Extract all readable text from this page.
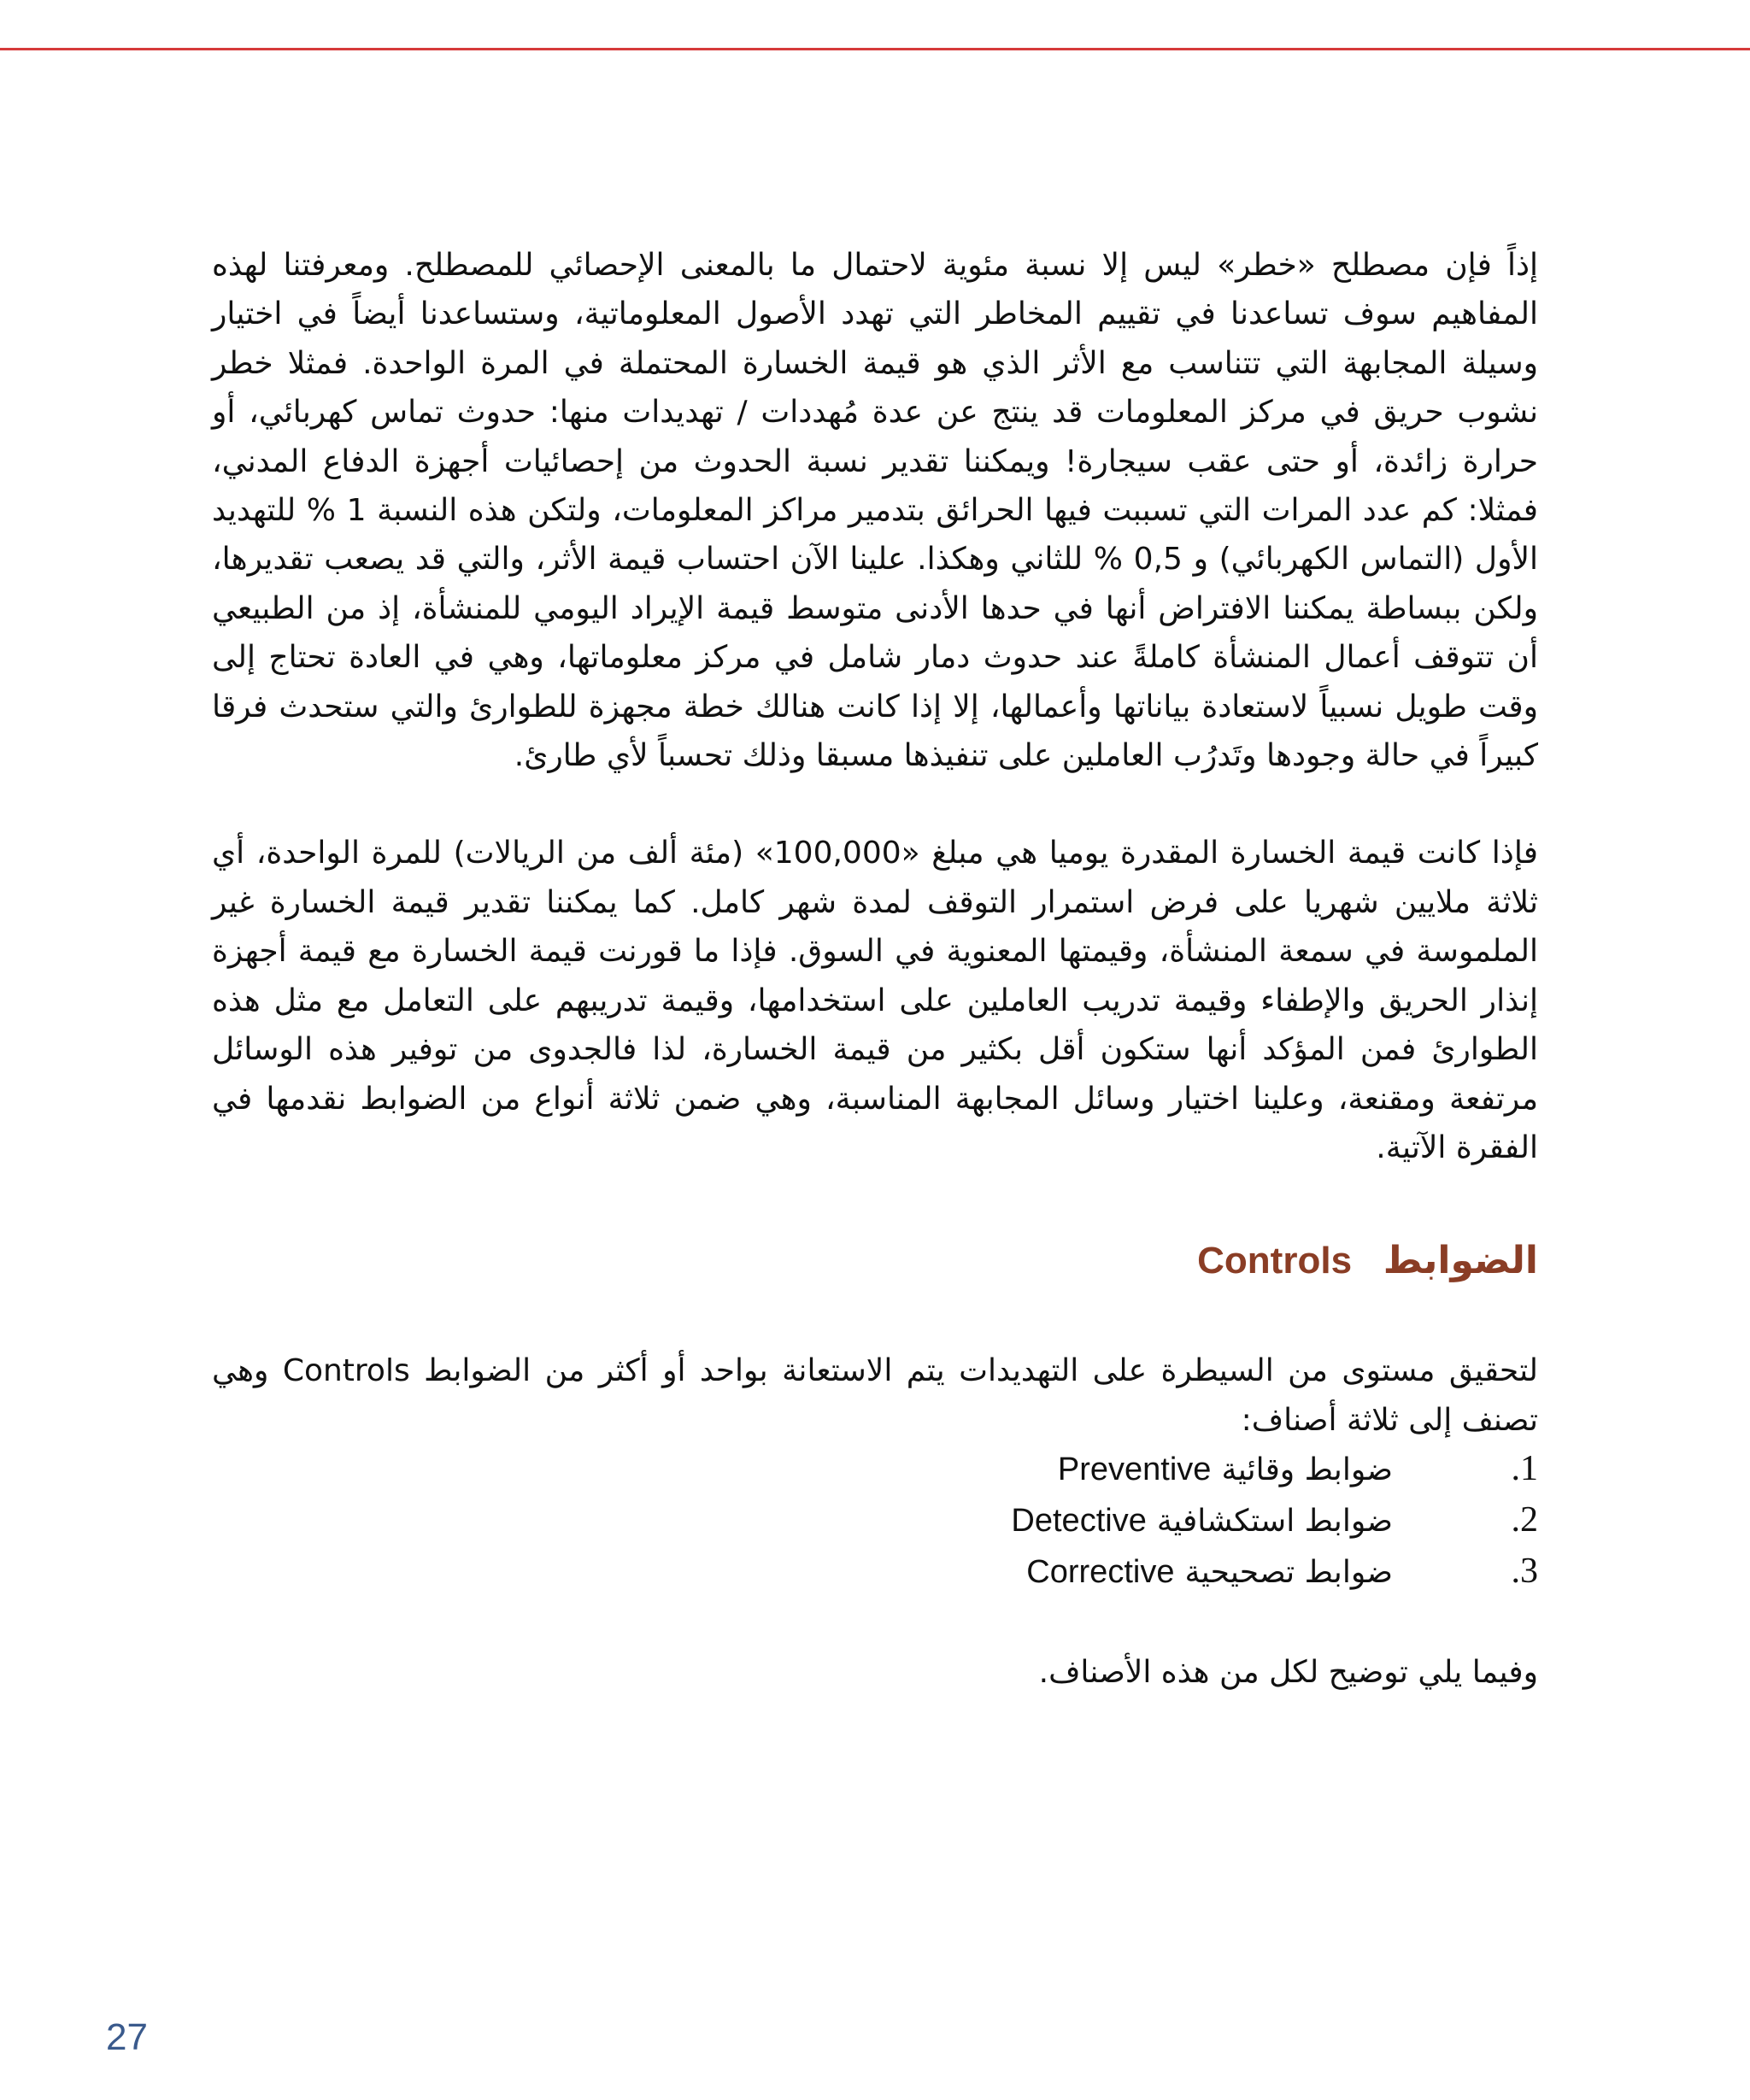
إذاً فإن مصطلح «خطر» ليس إلا نسبة مئوية لاحتمال ما بالمعنى الإحصائي للمصطلح. ومعرفتنا لهذه المفاهيم سوف تساعدنا في تقييم المخاطر التي تهدد الأصول المعلوماتية، وستساعدنا أيضاً في اختيار وسيلة المجابهة التي تتناسب مع الأثر الذي هو قيمة الخسارة المحتملة في المرة الواحدة. فمثلا خطر نشوب حريق في مركز المعلومات قد ينتج عن عدة مُهددات / تهديدات منها: حدوث تماس كهربائي، أو حرارة زائدة، أو حتى عقب سيجارة! ويمكننا تقدير نسبة الحدوث من إحصائيات أجهزة الدفاع المدني، فمثلا: كم عدد المرات التي تسببت فيها الحرائق بتدمير مراكز المعلومات، ولتكن هذه النسبة 1 % للتهديد الأول (التماس الكهربائي) و 0,5 % للثاني وهكذا. علينا الآن احتساب قيمة الأثر، والتي قد يصعب تقديرها، ولكن ببساطة يمكننا الافتراض أنها في حدها الأدنى متوسط قيمة الإيراد اليومي للمنشأة، إذ من الطبيعي أن تتوقف أعمال المنشأة كاملةً عند حدوث دمار شامل في مركز معلوماتها، وهي في العادة تحتاج إلى وقت طويل نسبياً لاستعادة بياناتها وأعمالها، إلا إذا كانت هنالك خطة مجهزة للطوارئ والتي ستحدث فرقا كبيراً في حالة وجودها وتَدرُب العاملين على تنفيذها مسبقا وذلك تحسباً لأي طارئ.

فإذا كانت قيمة الخسارة المقدرة يوميا هي مبلغ «100,000» (مئة ألف من الريالات) للمرة الواحدة، أي ثلاثة ملايين شهريا على فرض استمرار التوقف لمدة شهر كامل. كما يمكننا تقدير قيمة الخسارة غير الملموسة في سمعة المنشأة، وقيمتها المعنوية في السوق. فإذا ما قورنت قيمة الخسارة مع قيمة أجهزة إنذار الحريق والإطفاء وقيمة تدريب العاملين على استخدامها، وقيمة تدريبهم على التعامل مع مثل هذه الطوارئ فمن المؤكد أنها ستكون أقل بكثير من قيمة الخسارة، لذا فالجدوى من توفير هذه الوسائل مرتفعة ومقنعة، وعلينا اختيار وسائل المجابهة المناسبة، وهي ضمن ثلاثة أنواع من الضوابط نقدمها في الفقرة الآتية.

الضوابط   Controls

لتحقيق مستوى من السيطرة على التهديدات يتم الاستعانة بواحد أو أكثر من الضوابط Controls وهي تصنف إلى ثلاثة أصناف:

.1
ضوابط وقائية
Preventive
.2
ضوابط استكشافية
Detective
.3
ضوابط تصحيحية
Corrective

وفيما يلي توضيح لكل من هذه الأصناف.

27
